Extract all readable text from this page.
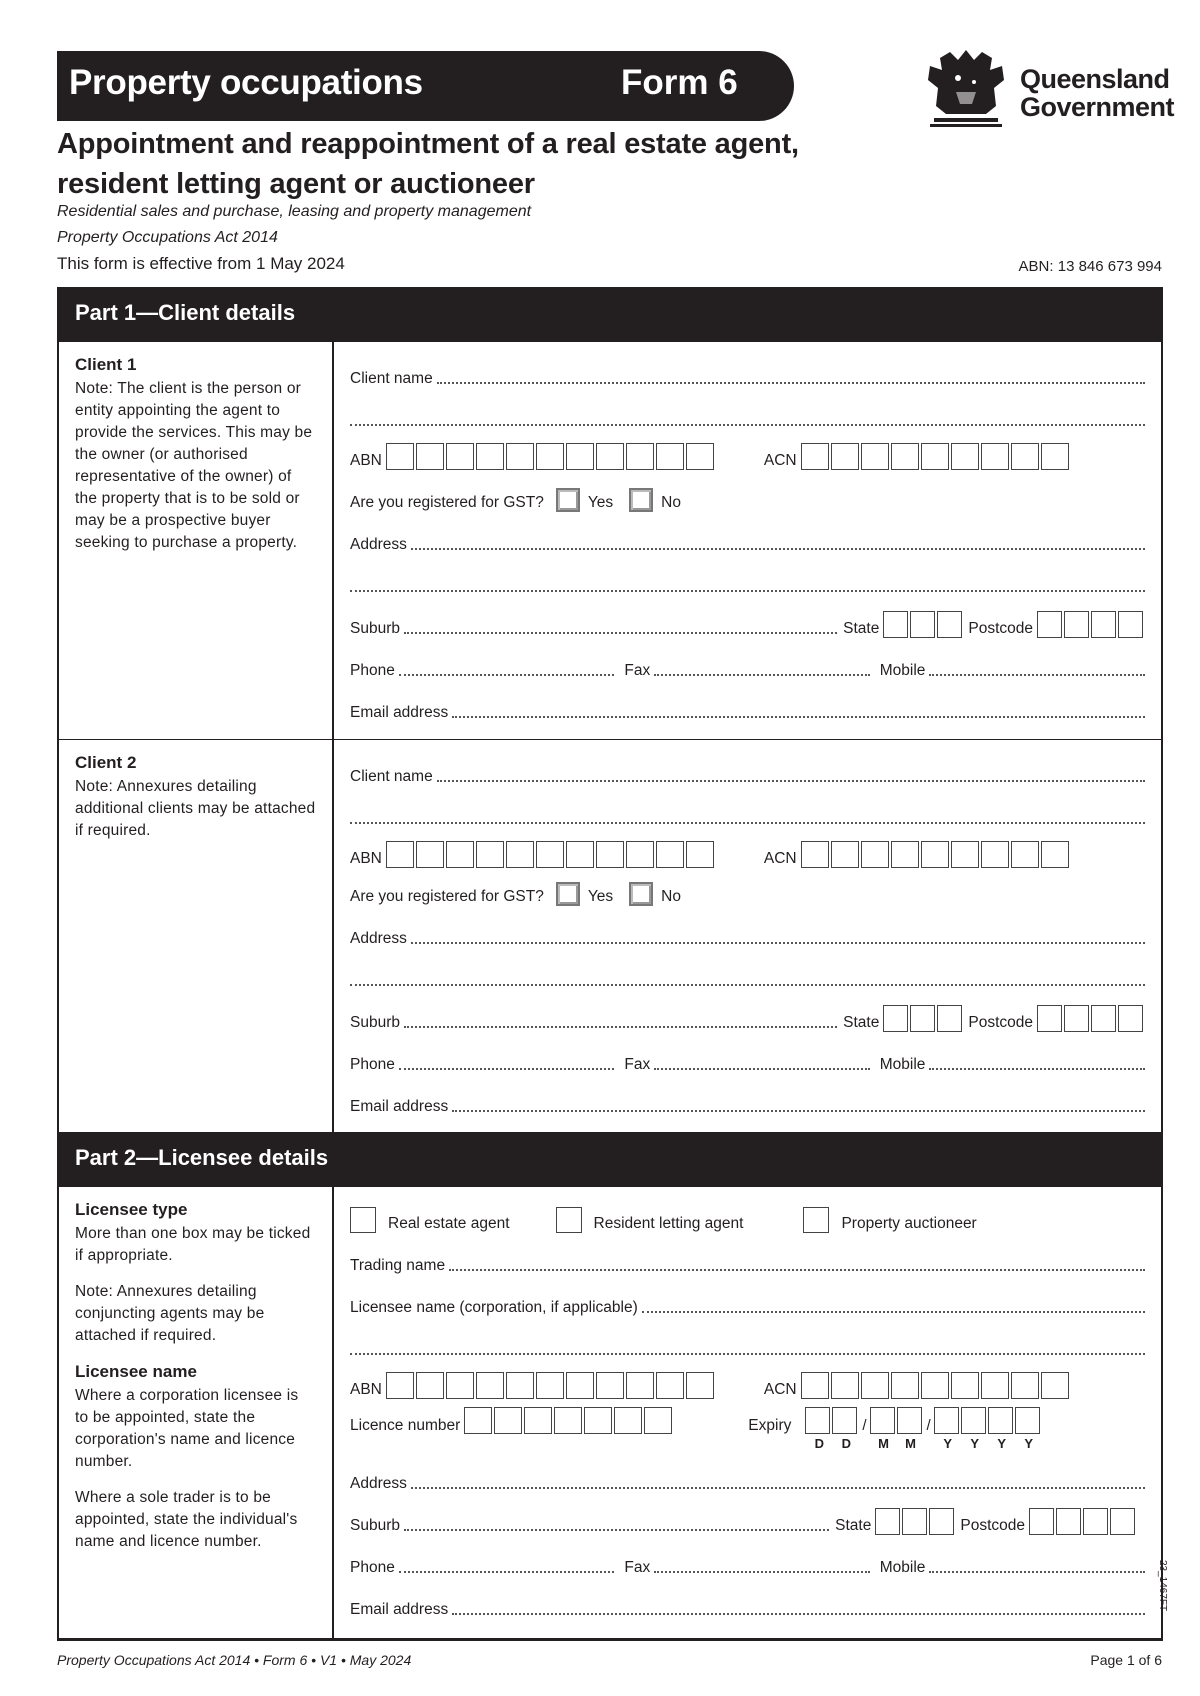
Property occupations	Form 6	Queensland
Government
Appointment and reappointment of a real estate agent, resident letting agent or auctioneer
Residential sales and purchase, leasing and property management
Property Occupations Act 2014
This form is effective from 1 May 2024	ABN: 13 846 673 994
Part 1—Client details
Client 1

Note: The client is the person or entity appointing the agent to provide the services. This may be the owner (or authorised representative of the owner) of the property that is to be sold or may be a prospective buyer seeking to purchase a property.

Client name
ABN	ACN
Are you registered for GST?	Yes	No
Address
Suburb	State	Postcode
Phone	Fax	Mobile
Email address
Client 2

Note: Annexures detailing additional clients may be attached if required.

Client name
ABN	ACN
Are you registered for GST?	Yes	No
Address
Suburb	State	Postcode
Phone	Fax	Mobile
Email address
Part 2—Licensee details
Licensee type

More than one box may be ticked if appropriate.

Note: Annexures detailing conjuncting agents may be attached if required.

Licensee name

Where a corporation licensee is to be appointed, state the corporation's name and licence number.

Where a sole trader is to be appointed, state the individual's name and licence number.

Real estate agent	Resident letting agent	Property auctioneer
Trading name
Licensee name (corporation, if applicable)
ABN	ACN
Licence number	Expiry
D	D
/
M	M
/
Y	Y	Y	Y
Address
Suburb	State	Postcode
Phone	Fax	Mobile
Email address
Property Occupations Act 2014 • Form 6 • V1 • May 2024	Page 1 of 6
23_1467FT
